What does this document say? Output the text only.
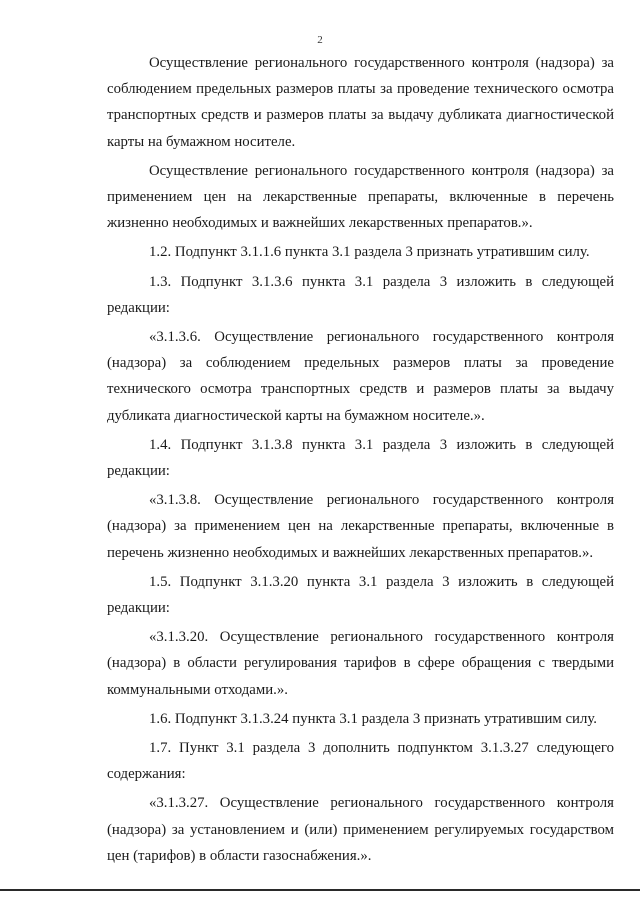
2

Осуществление регионального государственного контроля (надзора) за соблюдением предельных размеров платы за проведение технического осмотра транспортных средств и размеров платы за выдачу дубликата диагностической карты на бумажном носителе.

Осуществление регионального государственного контроля (надзора) за применением цен на лекарственные препараты, включенные в перечень жизненно необходимых и важнейших лекарственных препаратов.».

1.2. Подпункт 3.1.1.6 пункта 3.1 раздела 3 признать утратившим силу.

1.3. Подпункт 3.1.3.6 пункта 3.1 раздела 3 изложить в следующей редакции:

«3.1.3.6. Осуществление регионального государственного контроля (надзора) за соблюдением предельных размеров платы за проведение технического осмотра транспортных средств и размеров платы за выдачу дубликата диагностической карты на бумажном носителе.».

1.4. Подпункт 3.1.3.8 пункта 3.1 раздела 3 изложить в следующей редакции:

«3.1.3.8. Осуществление регионального государственного контроля (надзора) за применением цен на лекарственные препараты, включенные в перечень жизненно необходимых и важнейших лекарственных препаратов.».

1.5. Подпункт 3.1.3.20 пункта 3.1 раздела 3 изложить в следующей редакции:

«3.1.3.20. Осуществление регионального государственного контроля (надзора) в области регулирования тарифов в сфере обращения с твердыми коммунальными отходами.».

1.6. Подпункт 3.1.3.24 пункта 3.1 раздела 3 признать утратившим силу.

1.7. Пункт 3.1 раздела 3 дополнить подпунктом 3.1.3.27 следующего содержания:

«3.1.3.27. Осуществление регионального государственного контроля (надзора) за установлением и (или) применением регулируемых государством цен (тарифов) в области газоснабжения.».
